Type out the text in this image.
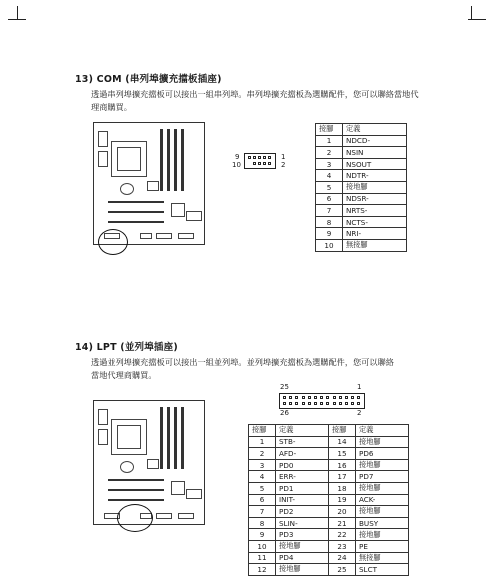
13) COM (串列埠擴充擋板插座)
透過串列埠擴充擋板可以接出一組串列埠。串列埠擴充擋板為選購配件，您可以聯絡當地代
理商購買。
9
10
1
2
接腳	定義
1	NDCD-
2	NSIN
3	NSOUT
4	NDTR-
5	接地腳
6	NDSR-
7	NRTS-
8	NCTS-
9	NRI-
10	無接腳
14) LPT (並列埠插座)
透過並列埠擴充擋板可以接出一組並列埠。並列埠擴充擋板為選購配件，您可以聯絡
當地代理商購買。
25	1
26	2
接腳	定義	接腳	定義
1	STB-	14	接地腳
2	AFD-	15	PD6
3	PD0	16	接地腳
4	ERR-	17	PD7
5	PD1	18	接地腳
6	INIT-	19	ACK-
7	PD2	20	接地腳
8	SLIN-	21	BUSY
9	PD3	22	接地腳
10	接地腳	23	PE
11	PD4	24	無接腳
12	接地腳	25	SLCT
